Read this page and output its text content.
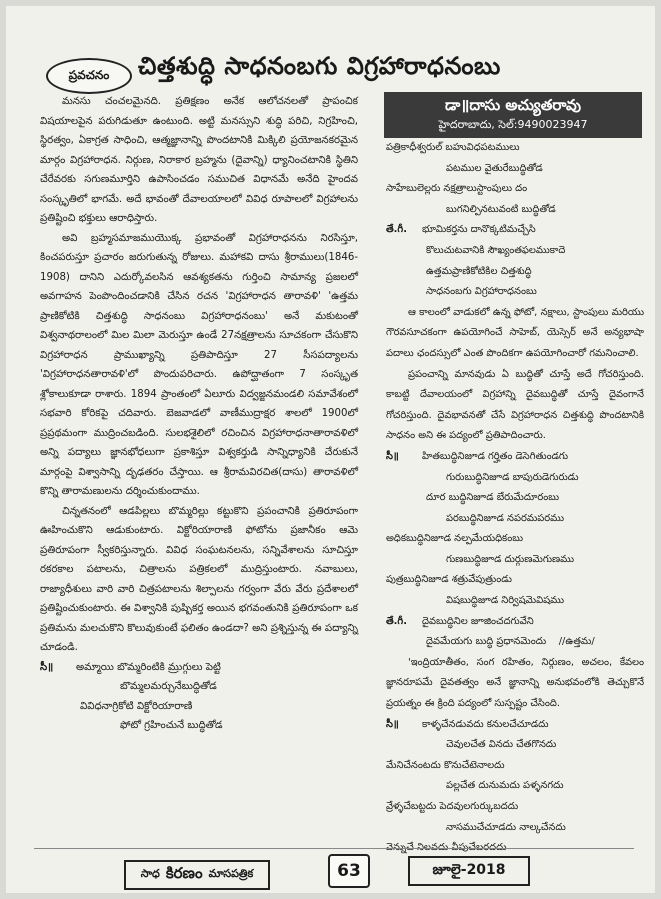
ప్రవచనం	చిత్తశుద్ధి సాధనంబగు విగ్రహారాధనంబు
డా॥దాసు అచ్యుతరావు
హైదరాబాదు, సెల్:9490023947

మనసు చంచలమైనది. ప్రతిక్షణం అనేక ఆలోచనలతో ప్రాపంచిక విషయాలపైన పరుగిడుతూ ఉంటుంది. అట్టి మనస్సుని శుద్ధి పరిచి, నిగ్రహించి, స్థిరత్వం, ఏకాగ్రత సాధించి, ఆత్మజ్ఞానాన్ని పొందటానికి మిక్కిలి ప్రయోజనకరమైన మార్గం విగ్రహారాధన. నిర్గుణ, నిరాకార బ్రహ్మను (దైవాన్ని) ధ్యానించటానికి స్థితిని చేరేవరకు సగుణమూర్తిని ఉపాసించడం సముచిత విధానమే అనేది హైందవ సంస్కృతిలో భాగమే. అదే భావంతో దేవాలయాలలో వివిధ రూపాలలో విగ్రహాలను ప్రతిష్టించి భక్తులు ఆరాధిస్తారు.

అవి బ్రహ్మసమాజముయొక్క ప్రభావంతో విగ్రహారాధనను నిరసిస్తూ, కించపరుస్తూ ప్రచారం జరుగుతున్న రోజులు. మహాకవి దాసు శ్రీరాములు(1846-1908) దానిని ఎదుర్కోవలసిన ఆవశ్యకతను గుర్తించి సామాన్య ప్రజలలో అవగాహన పెంపొందించడానికి చేసిన రచన 'విగ్రహారాధన తారావళి' 'ఉత్తమ ప్రాణికోటికి చిత్తశుద్ధి సాధనంబు విగ్రహారాధనంబు' అనే మకుటంతో విశ్వనాథరాలంలో మిల మిలా మెరుస్తూ ఉండే 27నక్షత్రాలను సూచకంగా చేసుకొని విగ్రహారాధన ప్రాముఖ్యాన్ని ప్రతిపాదిస్తూ 27 సీసపద్యాలను 'విగ్రహారాధనతారావళి'లో పొందుపరిచారు. ఉపోద్ఘాతంగా 7 సంస్కృత శ్లోకాలుకూడా రాశారు. 1894 ప్రాంతంలో ఏలూరు విద్వజ్జనమండలి సమావేశంలో సభవారి కోరికపై చదివారు. బెజవాడలో వాణీముద్రాక్షర శాలలో 1900లో ప్రప్రథమంగా ముద్రించబడింది. సులభశైలిలో రచించిన విగ్రహారాధనాతారావళిలో అన్ని పద్యాలు జ్ఞానభోధలుగా ప్రకాశిస్తూ విశ్వకర్తుడి సాన్నిధ్యానికి చేరుకునే మార్గంపై విశ్వాసాన్ని దృఢతరం చేస్తాయి. ఆ శ్రీరామవిరచిత(దాసు) తారావళిలో కొన్ని తారామణులను దర్శించుకుందాము.

చిన్నతనంలో ఆడపిల్లలు బొమ్మరిల్లు కట్టుకొని ప్రపంచానికి ప్రతిరూపంగా ఊహించుకొని ఆడుకుంటారు. విక్టోరియారాణి ఫోటోను ప్రజానీకం ఆమె ప్రతిరూపంగా స్వీకరిస్తున్నారు. వివిధ సంఘటనలను, సన్నివేశాలను సూచిస్తూ రకరకాల పటాలను, చిత్రాలను పత్రికలలో ముద్రిస్తుంటారు. నవాబులు, రాజ్యాధీశులు వారి వారి చిత్రపటాలను శిల్పాలను గర్వంగా వేరు వేరు ప్రదేశాలలో ప్రతిష్టించుకుంటారు. ఈ విశ్వానికి పుష్పికర్త అయిన భగవంతునికి ప్రతిరూపంగా ఒక ప్రతిమను మలచుకొని కొలువుకుంటే ఫలితం ఉండదా? అని ప్రశ్నిస్తున్న ఈ పద్యాన్ని చూడండి.

సీ॥ అమ్మాయి బొమ్మరింటికి మ్రుగ్గులు పెట్టి
బొమ్మలమర్చునేబుద్ధితోడ
వివిధనాగ్రికోటి విక్టోరియారాణి
ఫోటో గ్రహించునే బుద్ధితోడ
పత్రికాధీశ్వరుల్ బహువిధపటములు
పటముల వైతురేబుద్ధితోడ
సాహేబులెల్లరు నక్షత్రాలుస్టాంపులు దం
బుగనిల్పినటువంటి బుద్ధితోడ
తే.గీ. భూమికర్తను దానొక్కటిమచ్చేసి
కొలుచుటవానికి సౌఖ్యంతఫలముకాదె
ఉత్తమప్రాణికోటికిల చిత్తశుద్ధి
సాధనంబగు విగ్రహారాధనంబు

ఆ కాలంలో వాడుకలో ఉన్న ఫోటో, నక్షాలు, స్టాంపులు మరియు గౌరవసూచకంగా ఉపయోగించే సాహెబ్, యెస్సెర్ అనే అన్యభాషా పదాలు ఛందస్సులో ఎంత పొందికగా ఉపయోగించారో గమనించాలి.

ప్రపంచాన్ని మానవుడు ఏ బుద్ధితో చూస్తే అదే గోచరిస్తుంది. కాబట్టి దేవాలయంలో విగ్రహాన్ని దైవబుద్ధితో చూస్తే దైవంగానే గోచరిస్తుంది. దైవభావనతో చేసే విగ్రహారాధన చిత్తశుద్ధి పొందటానికి సాధనం అని ఈ పద్యంలో ప్రతిపాదించారు.

సీ॥ హితబుద్ధినిజూడ గర్హితం డెసెగితుండగు
గురుబుద్ధినిజూడ బాపురుడెగురుడు
దూర బుద్ధినిజూడ బేరుమేదూరంబు
పరబుద్ధినిజూడ నపరమపరము
అధికబుద్ధినిజూడ నల్పమేయధికంబు
గుణబుద్ధిజూడ దుర్గుణమెగుణము
పుత్రబుద్ధినిజూడ శత్రువేపుత్రుండు
విషబుద్ధిజూడ నిర్విషమెవిషము
తే.గీ. దైవబుద్ధినిల జూజించదగువేని
దైవమేయగు బుద్ధి ప్రధానమెందు //ఉత్తమ/

'ఇంద్రియాతీతం, సంగ రహితం, నిర్గుణం, అచలం, కేవలం జ్ఞానరూపమే దైవతత్వం అనే జ్ఞానాన్ని అనుభవంలోకి తెచ్చుకొనే ప్రయత్నం ఈ క్రింది పద్యంలో సుస్పష్టం చేసింది.

సీ॥ కాళ్ళచేనడువదు కనులచేచూడదు
చెవులచేత వినదు చేతగొనదు
మేనిచేనంటదు కొనుచేటెనాలదు
పల్లచేత దునుమదు పళ్ళనగదు
వ్రేళ్ళచేబట్టదు పెదవులగుర్కుబదదు
నాసముచేచూడదు నాల్కచేనదు
వెన్నుచే నిలవదు వీపుచేబరదదు
సాధ కిరణం మాసపత్రిక	63	జూలై-2018
